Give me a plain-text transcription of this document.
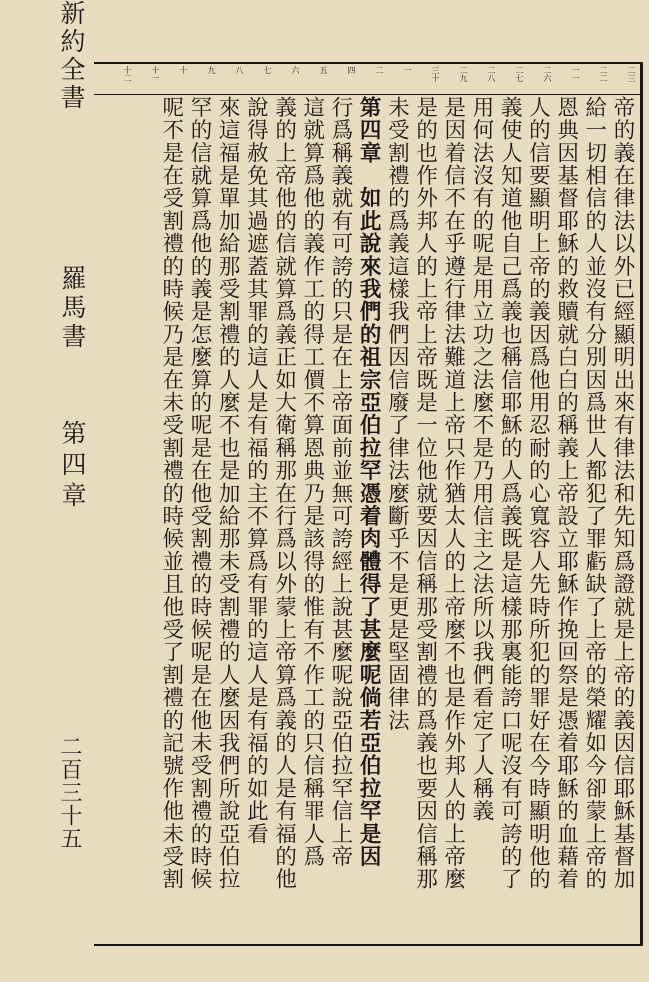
新約全書
羅馬書
第四章
二百三十五
二三
二二
一一
二六
二七
二八
二九
三十
一
二
四
五
六
七
八
九
十
十一
十二
帝的義在律法以外已經顯明出來有律法和先知爲證就是上帝的義因信耶穌基督加
給一切相信的人並沒有分別因爲世人都犯了罪虧缺了上帝的榮耀如今卻蒙上帝的
恩典因基督耶穌的救贖就白白的稱義上帝設立耶穌作挽回祭是憑着耶穌的血藉着
人的信要顯明上帝的義因爲他用忍耐的心寬容人先時所犯的罪好在今時顯明他的
義使人知道他自己爲義也稱信耶穌的人爲義既是這樣那裏能誇口呢沒有可誇的了
用何法沒有的呢是用立功之法麼不是乃用信主之法所以我們看定了人稱義
是因着信不在乎遵行律法難道上帝只作猶太人的上帝麼不也是作外邦人的上帝麼
是的也作外邦人的上帝上帝既是一位他就要因信稱那受割禮的爲義也要因信稱那
未受割禮的爲義這樣我們因信廢了律法麼斷乎不是更是堅固律法
第四章　如此說來我們的祖宗亞伯拉罕憑着肉體得了甚麼呢倘若亞伯拉罕是因
行爲稱義就有可誇的只是在上帝面前並無可誇經上說甚麼呢說亞伯拉罕信上帝
這就算爲他的義作工的得工價不算恩典乃是該得的惟有不作工的只信稱罪人爲
義的上帝他的信就算爲義正如大衛稱那在行爲以外蒙上帝算爲義的人是有福的他
說得赦免其過遮蓋其罪的這人是有福的主不算爲有罪的這人是有福的如此看
來這福是單加給那受割禮的人麼不也是加給那未受割禮的人麼因我們所說亞伯拉
罕的信就算爲他的義是怎麼算的呢是在他受割禮的時候呢是在他未受割禮的時候
呢不是在受割禮的時候乃是在未受割禮的時候並且他受了割禮的記號作他未受割
